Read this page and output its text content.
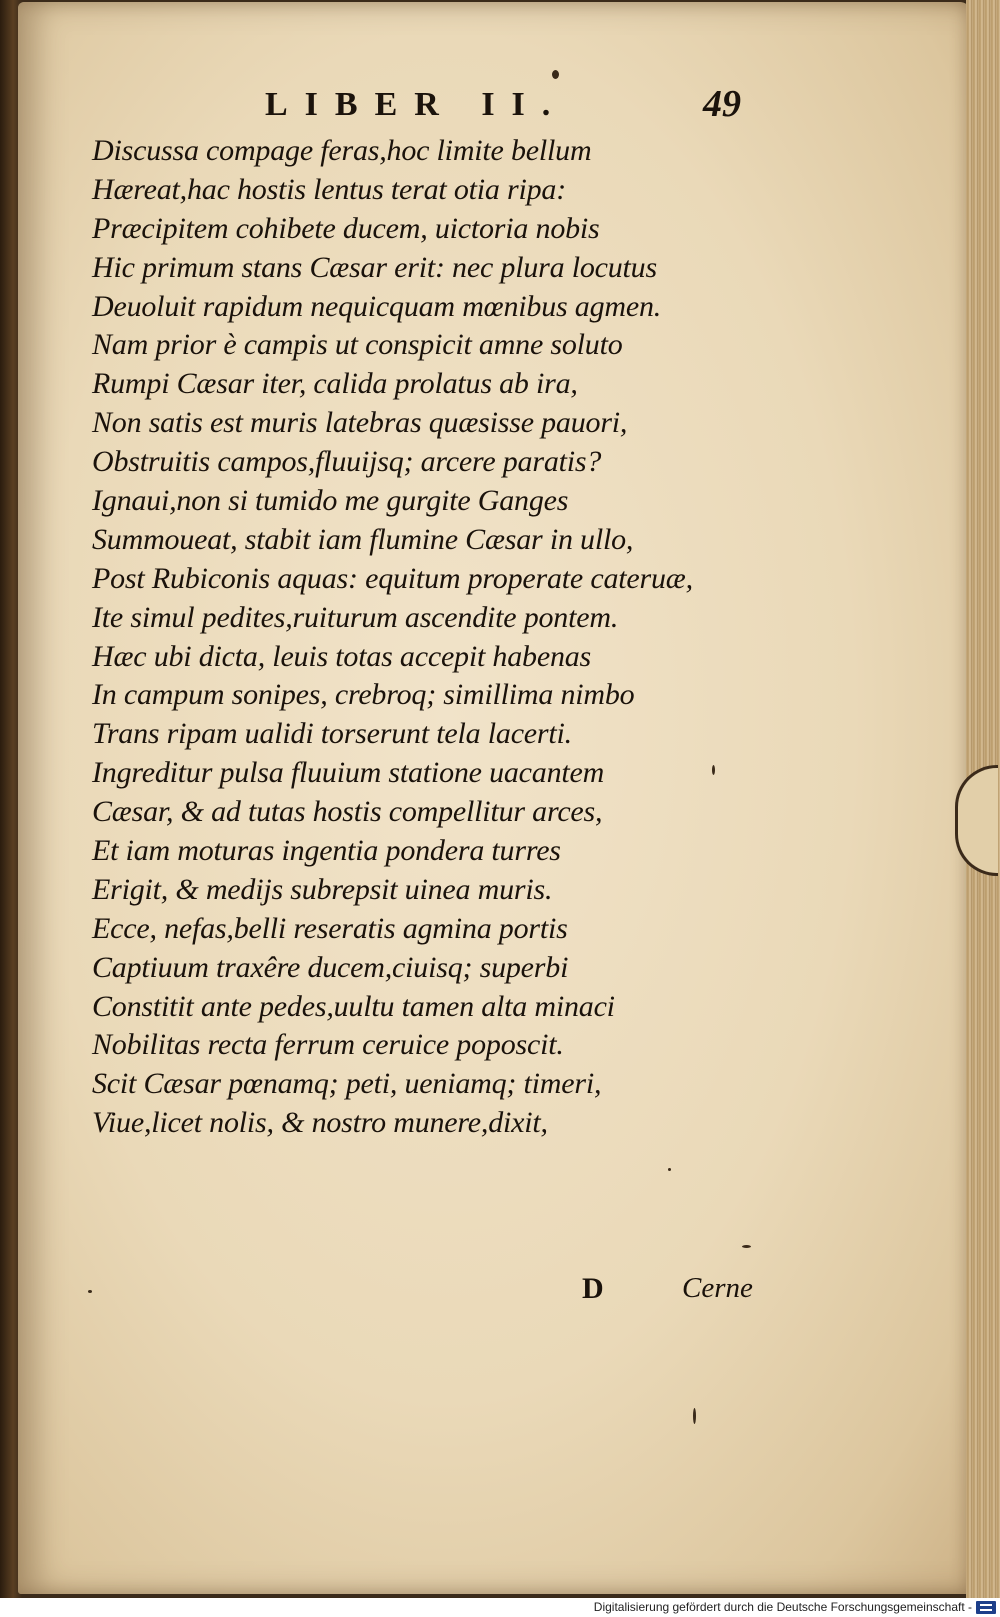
LIBER II.	49
Discussa compage feras,hoc limite bellum
Hæreat,hac hostis lentus terat otia ripa:
Præcipitem cohibete ducem, uictoria nobis
Hic primum stans Cæsar erit: nec plura locutus
Deuoluit rapidum nequicquam mœnibus agmen.
Nam prior è campis ut conspicit amne soluto
Rumpi Cæsar iter, calida prolatus ab ira,
Non satis est muris latebras quæsisse pauori,
Obstruitis campos,fluuijsq; arcere paratis?
Ignaui,non si tumido me gurgite Ganges
Summoueat, stabit iam flumine Cæsar in ullo,
Post Rubiconis aquas: equitum properate cateruæ,
Ite simul pedites,ruiturum ascendite pontem.
Hæc ubi dicta, leuis totas accepit habenas
In campum sonipes, crebroq; simillima nimbo
Trans ripam ualidi torserunt tela lacerti.
Ingreditur pulsa fluuium statione uacantem
Cæsar, & ad tutas hostis compellitur arces,
Et iam moturas ingentia pondera turres
Erigit, & medijs subrepsit uinea muris.
Ecce, nefas,belli reseratis agmina portis
Captiuum traxêre ducem,ciuisq; superbi
Constitit ante pedes,uultu tamen alta minaci
Nobilitas recta ferrum ceruice poposcit.
Scit Cæsar pœnamq; peti, ueniamq; timeri,
Viue,licet nolis, & nostro munere,dixit,
D	Cerne
Digitalisierung gefördert durch die Deutsche Forschungsgemeinschaft -
